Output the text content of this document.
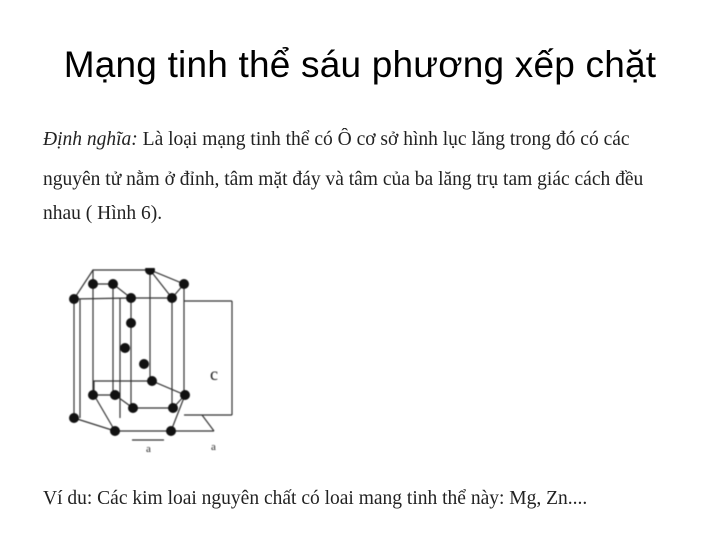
Mạng tinh thể sáu phương xếp chặt
Định nghĩa: Là loại mạng tinh thể có Ô cơ sở hình lục lăng trong đó có các
nguyên tử nằm ở đỉnh, tâm mặt đáy và tâm của ba lăng trụ tam giác cách đều
nhau ( Hình 6).
c
a	a
Ví du: Các kim loai nguyên chất có loai mang tinh thể này: Mg, Zn....
